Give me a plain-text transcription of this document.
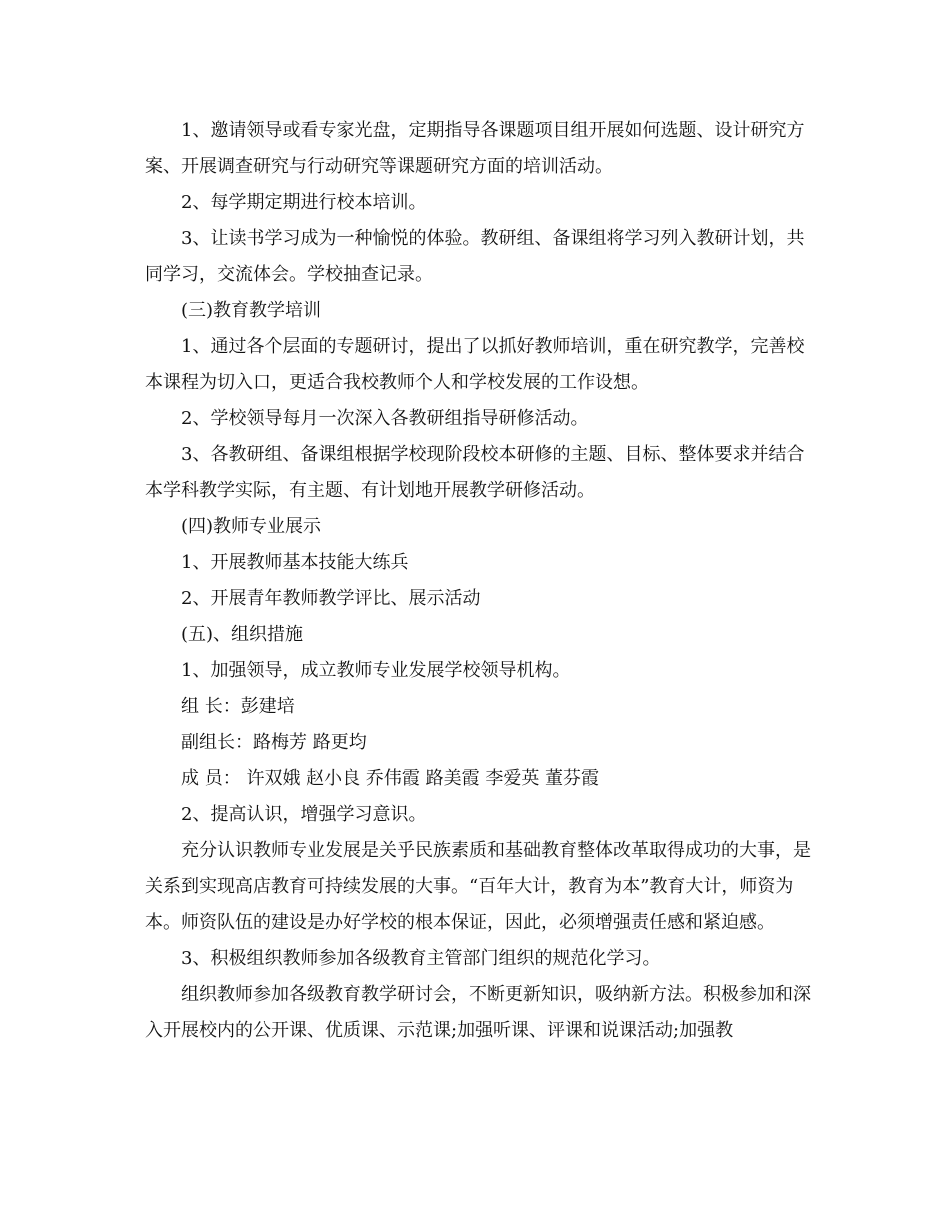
1、邀请领导或看专家光盘，定期指导各课题项目组开展如何选题、设计研究方案、开展调查研究与行动研究等课题研究方面的培训活动。

2、每学期定期进行校本培训。

3、让读书学习成为一种愉悦的体验。教研组、备课组将学习列入教研计划，共同学习，交流体会。学校抽查记录。

(三)教育教学培训

1、通过各个层面的专题研讨，提出了以抓好教师培训，重在研究教学，完善校本课程为切入口，更适合我校教师个人和学校发展的工作设想。

2、学校领导每月一次深入各教研组指导研修活动。

3、各教研组、备课组根据学校现阶段校本研修的主题、目标、整体要求并结合本学科教学实际，有主题、有计划地开展教学研修活动。

(四)教师专业展示

1、开展教师基本技能大练兵

2、开展青年教师教学评比、展示活动

(五)、组织措施

1、加强领导，成立教师专业发展学校领导机构。

组 长：彭建培

副组长：路梅芳 路更均

成 员： 许双娥 赵小良 乔伟霞 路美霞 李爱英 董芬霞

2、提高认识，增强学习意识。

充分认识教师专业发展是关乎民族素质和基础教育整体改革取得成功的大事，是关系到实现高店教育可持续发展的大事。“百年大计，教育为本”教育大计，师资为本。师资队伍的建设是办好学校的根本保证，因此，必须增强责任感和紧迫感。

3、积极组织教师参加各级教育主管部门组织的规范化学习。

组织教师参加各级教育教学研讨会，不断更新知识，吸纳新方法。积极参加和深入开展校内的公开课、优质课、示范课;加强听课、评课和说课活动;加强教
